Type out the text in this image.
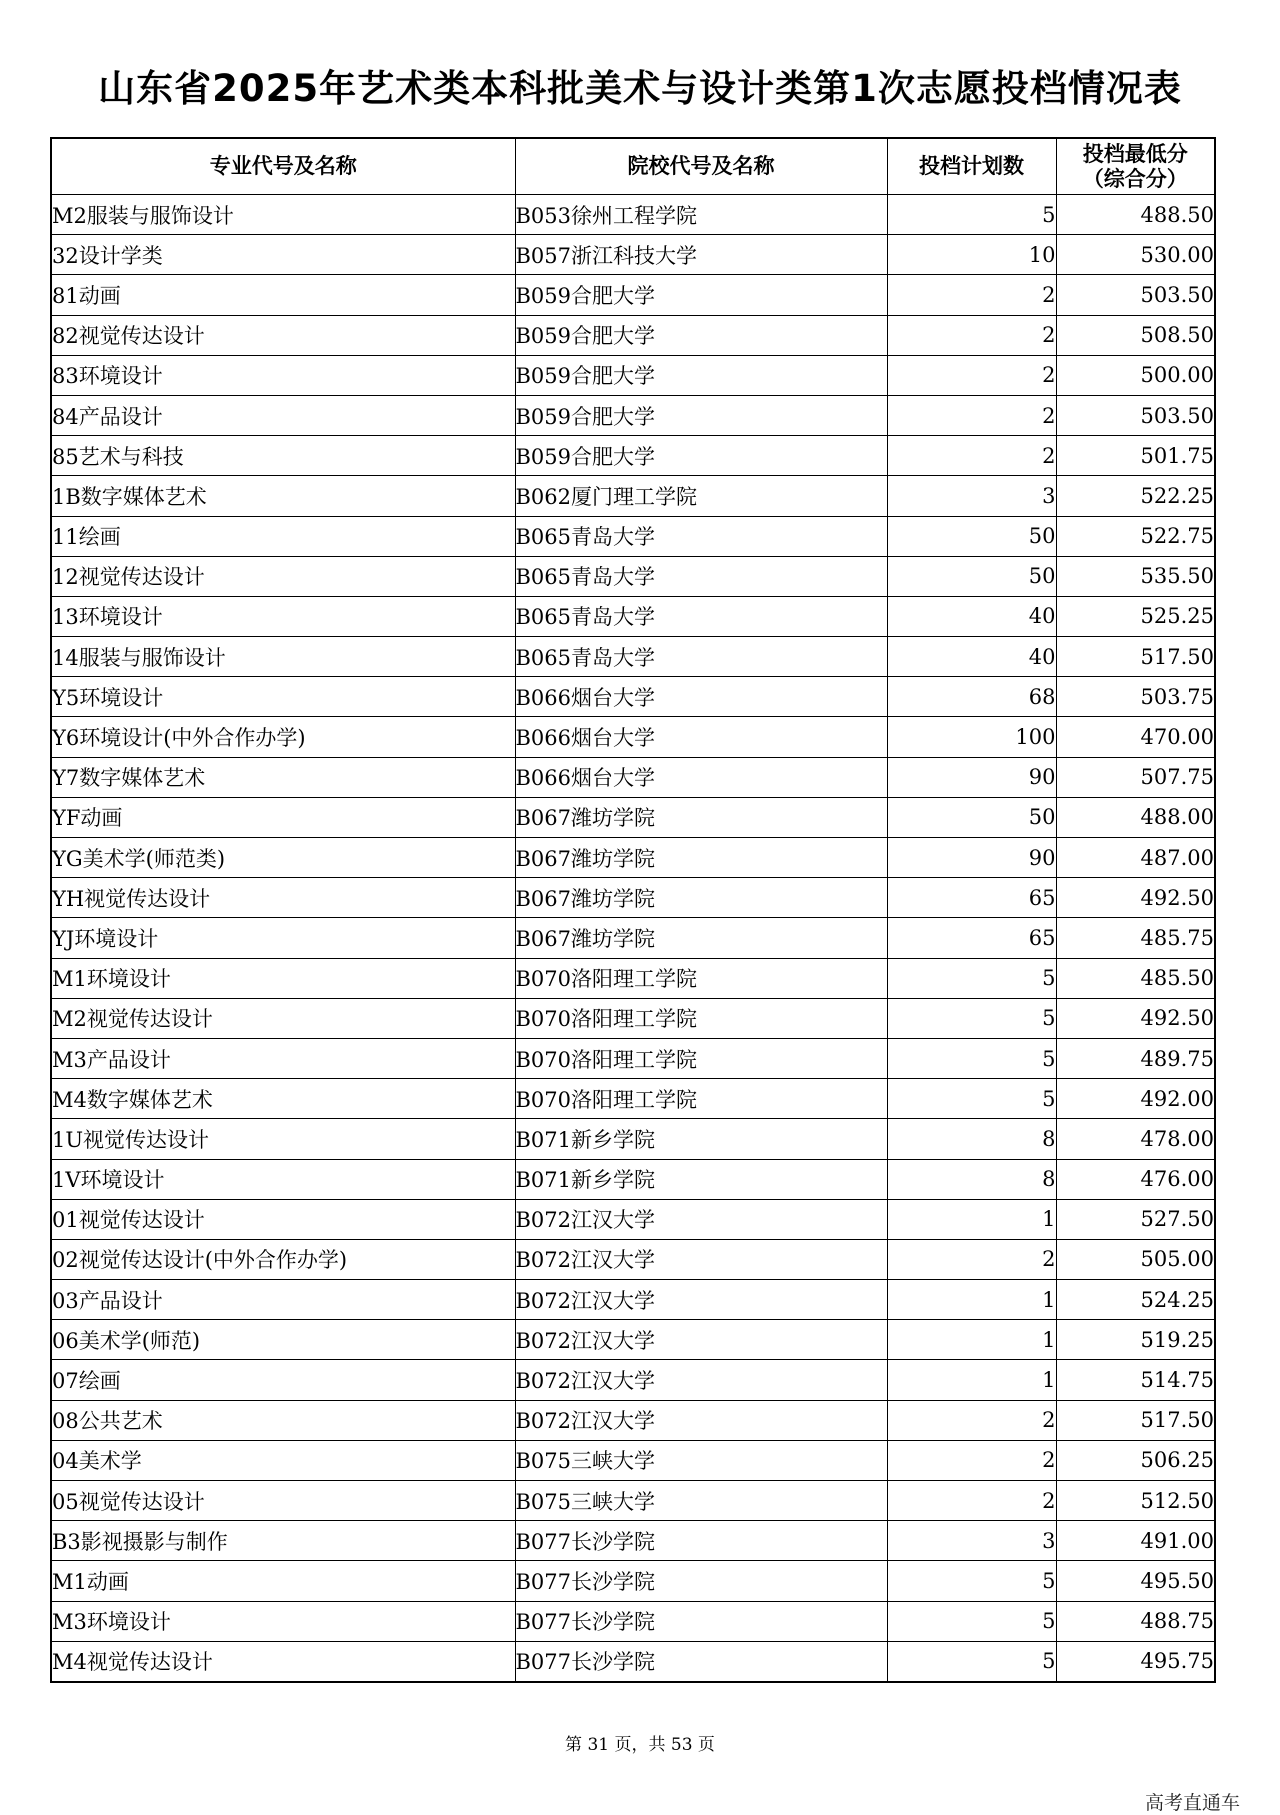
山东省2025年艺术类本科批美术与设计类第1次志愿投档情况表
专业代号及名称	院校代号及名称	投档计划数	投档最低分
（综合分）

M2服装与服饰设计	B053徐州工程学院	5	488.50
32设计学类	B057浙江科技大学	10	530.00
81动画	B059合肥大学	2	503.50
82视觉传达设计	B059合肥大学	2	508.50
83环境设计	B059合肥大学	2	500.00
84产品设计	B059合肥大学	2	503.50
85艺术与科技	B059合肥大学	2	501.75
1B数字媒体艺术	B062厦门理工学院	3	522.25
11绘画	B065青岛大学	50	522.75
12视觉传达设计	B065青岛大学	50	535.50
13环境设计	B065青岛大学	40	525.25
14服装与服饰设计	B065青岛大学	40	517.50
Y5环境设计	B066烟台大学	68	503.75
Y6环境设计(中外合作办学)	B066烟台大学	100	470.00
Y7数字媒体艺术	B066烟台大学	90	507.75
YF动画	B067潍坊学院	50	488.00
YG美术学(师范类)	B067潍坊学院	90	487.00
YH视觉传达设计	B067潍坊学院	65	492.50
YJ环境设计	B067潍坊学院	65	485.75
M1环境设计	B070洛阳理工学院	5	485.50
M2视觉传达设计	B070洛阳理工学院	5	492.50
M3产品设计	B070洛阳理工学院	5	489.75
M4数字媒体艺术	B070洛阳理工学院	5	492.00
1U视觉传达设计	B071新乡学院	8	478.00
1V环境设计	B071新乡学院	8	476.00
01视觉传达设计	B072江汉大学	1	527.50
02视觉传达设计(中外合作办学)	B072江汉大学	2	505.00
03产品设计	B072江汉大学	1	524.25
06美术学(师范)	B072江汉大学	1	519.25
07绘画	B072江汉大学	1	514.75
08公共艺术	B072江汉大学	2	517.50
04美术学	B075三峡大学	2	506.25
05视觉传达设计	B075三峡大学	2	512.50
B3影视摄影与制作	B077长沙学院	3	491.00
M1动画	B077长沙学院	5	495.50
M3环境设计	B077长沙学院	5	488.75
M4视觉传达设计	B077长沙学院	5	495.75
第 31 页，共 53 页
高考直通车
